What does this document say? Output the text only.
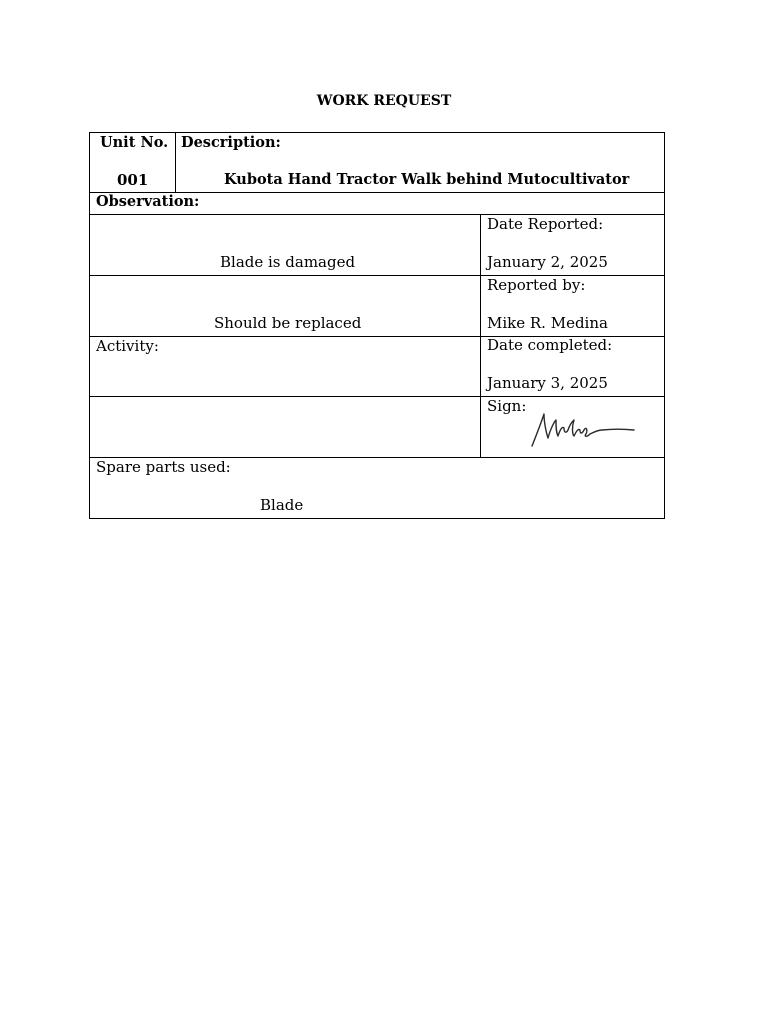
WORK REQUEST
Unit No.
001
Description:
Kubota Hand Tractor Walk behind Mutocultivator
Observation:
Blade is damaged
Date Reported:
January 2, 2025
Should be replaced
Reported by:
Mike R. Medina
Activity:	Date completed:
January 3, 2025
Sign:
Spare parts used:
Blade
